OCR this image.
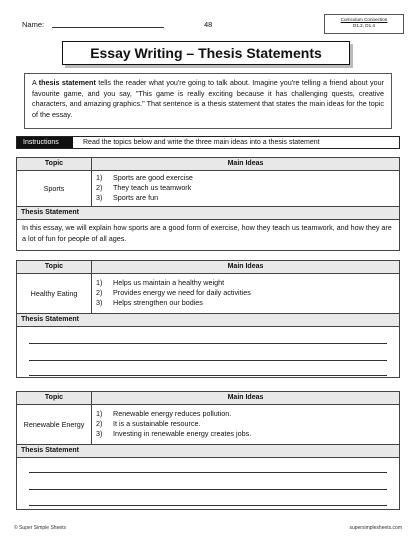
Name:	48
Curriculum Connection
D1.2, D1.4
Essay Writing – Thesis Statements
A thesis statement tells the reader what you're going to talk about. Imagine you're telling a friend about your favourite game, and you say, "This game is really exciting because it has challenging quests, creative characters, and amazing graphics." That sentence is a thesis statement that states the main ideas for the topic of the essay.
Instructions	Read the topics below and write the three main ideas into a thesis statement
Topic	Main Ideas
Sports
1) Sports are good exercise
2) They teach us teamwork
3) Sports are fun
Thesis Statement
In this essay, we will explain how sports are a good form of exercise, how they teach us teamwork, and how they are a lot of fun for people of all ages.
Topic	Main Ideas
Healthy Eating
1) Helps us maintain a healthy weight
2) Provides energy we need for daily activities
3) Helps strengthen our bodies
Thesis Statement
Topic	Main Ideas
Renewable Energy
1) Renewable energy reduces pollution.
2) It is a sustainable resource.
3) Investing in renewable energy creates jobs.
Thesis Statement
© Super Simple Sheets	supersimplesheets.com
